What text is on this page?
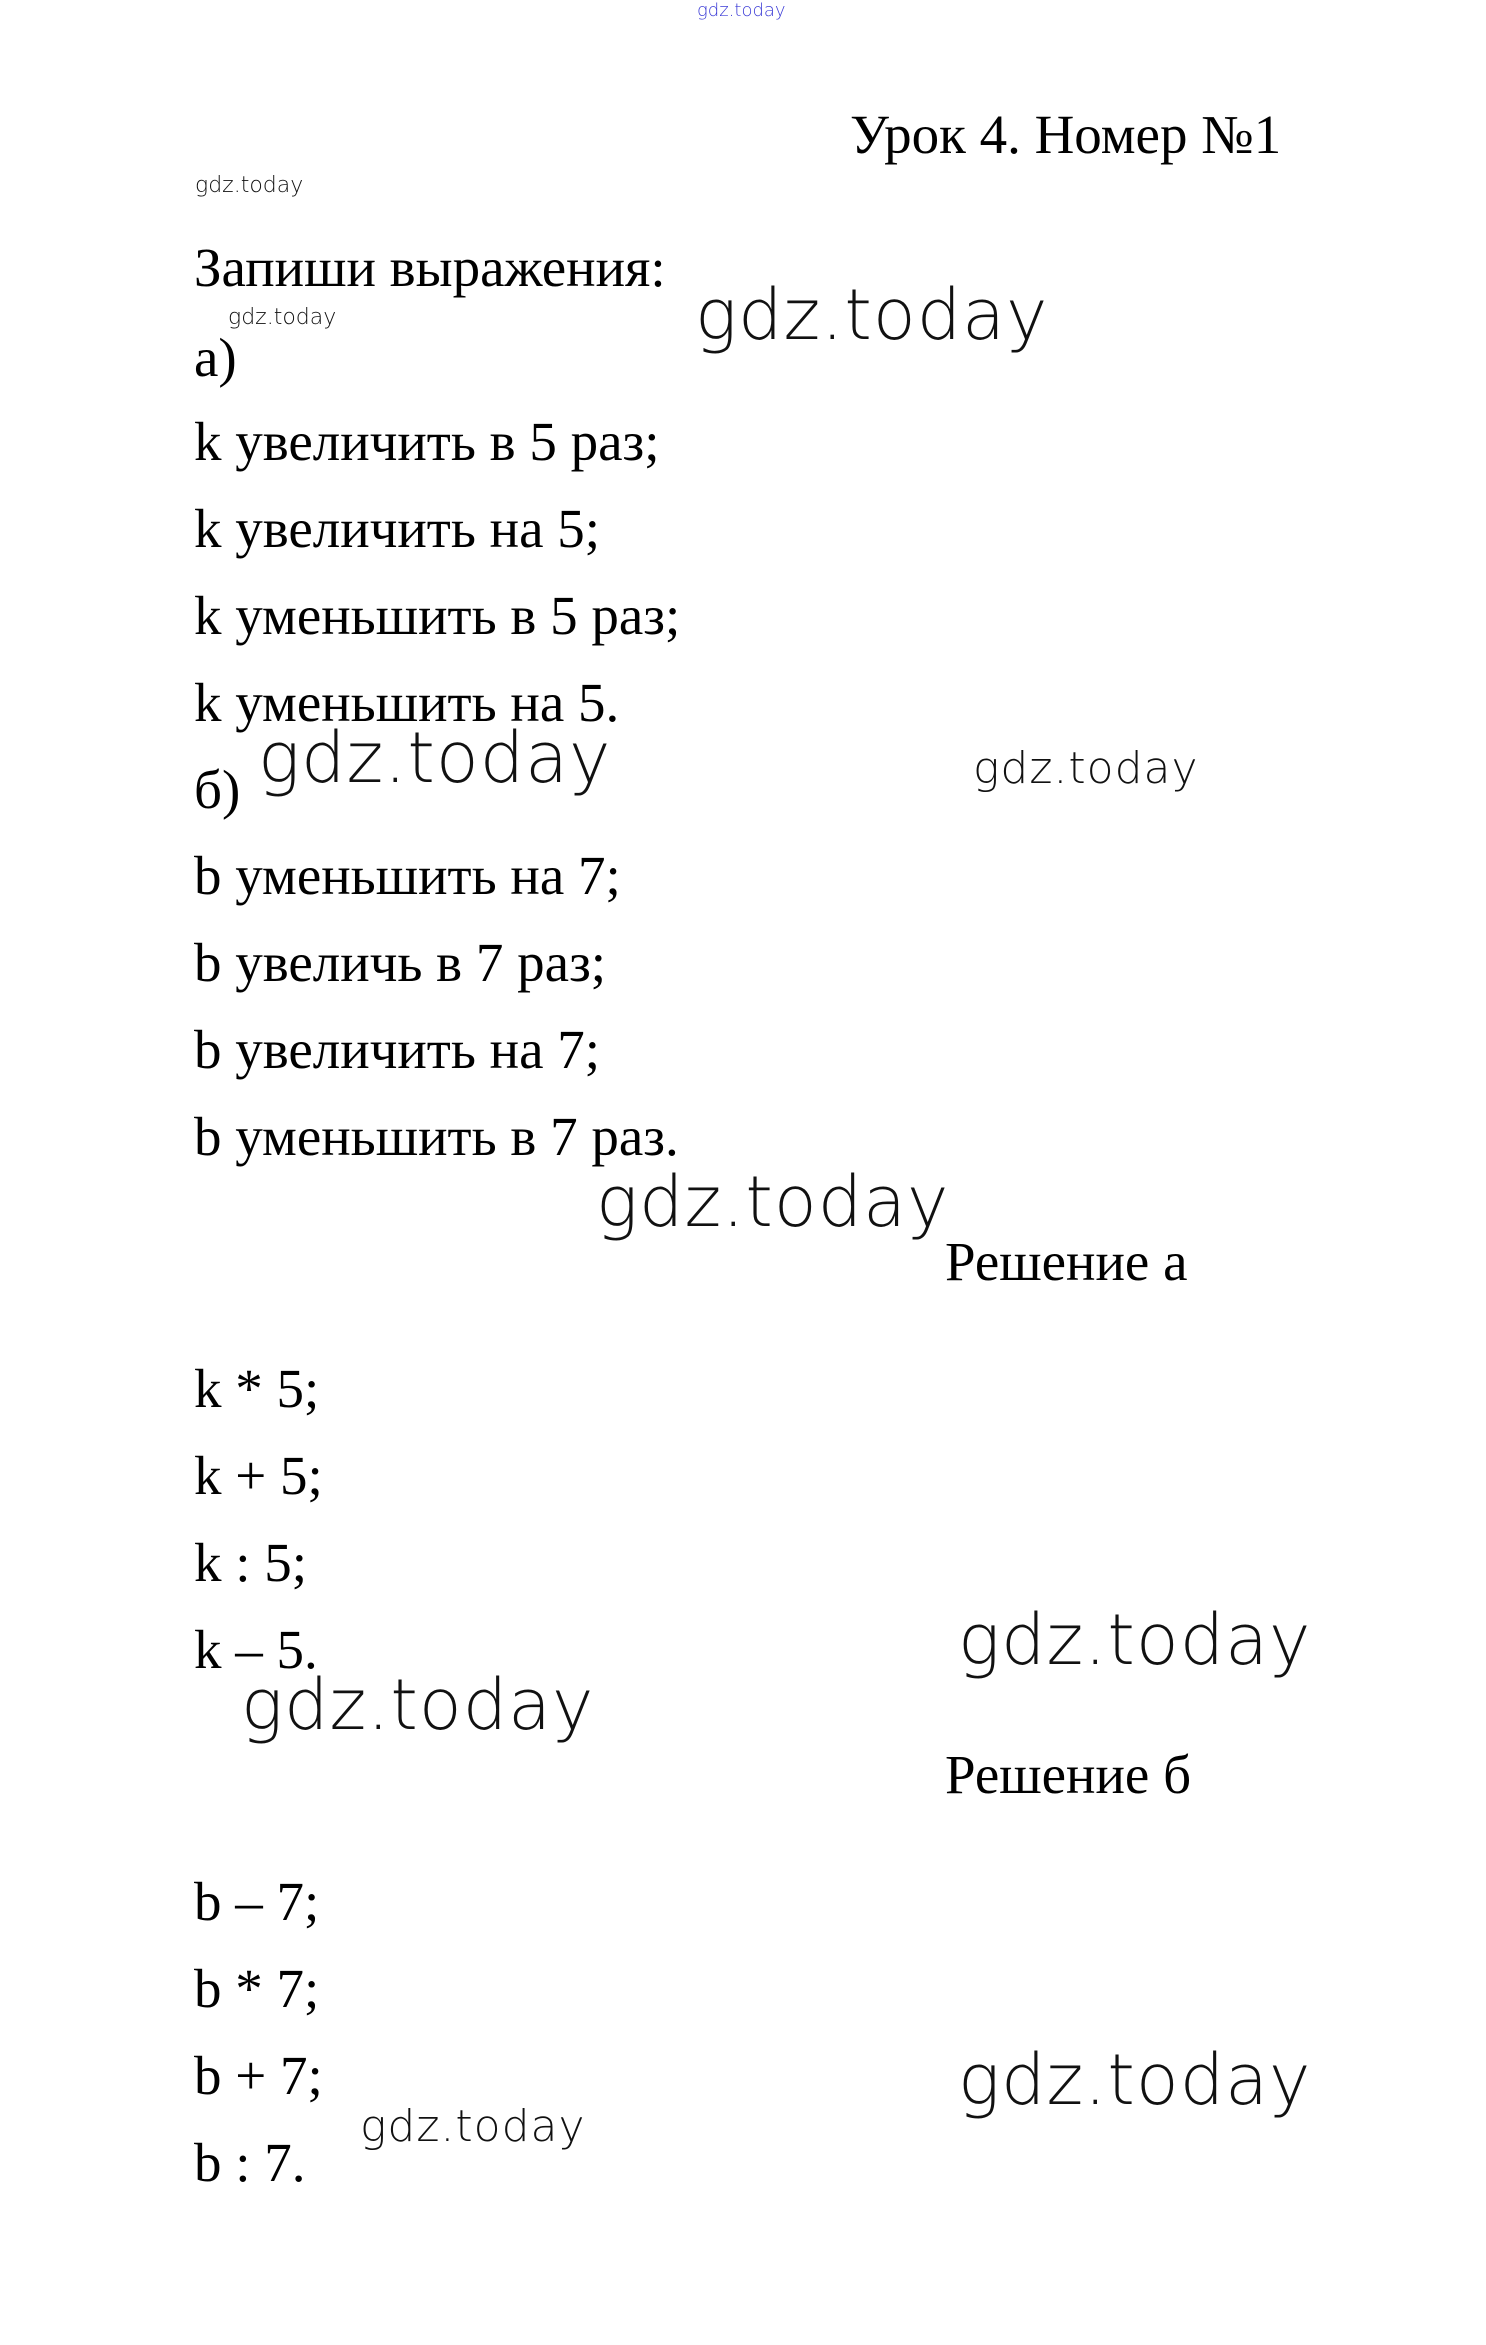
gdz.today
gdz.today
gdz.today	gdz.today
gdz.today	gdz.today
gdz.today
gdz.today
gdz.today
gdz.today
gdz.today
Урок 4. Номер №1
Запиши выражения:
а)
k увеличить в 5 раз;
k увеличить на 5;
k уменьшить в 5 раз;
k уменьшить на 5.
б)
b уменьшить на 7;
b увеличь в 7 раз;
b увеличить на 7;
b уменьшить в 7 раз.
Решение а
k * 5;
k + 5;
k : 5;
k – 5.
Решение б
b – 7;
b * 7;
b + 7;
b : 7.
